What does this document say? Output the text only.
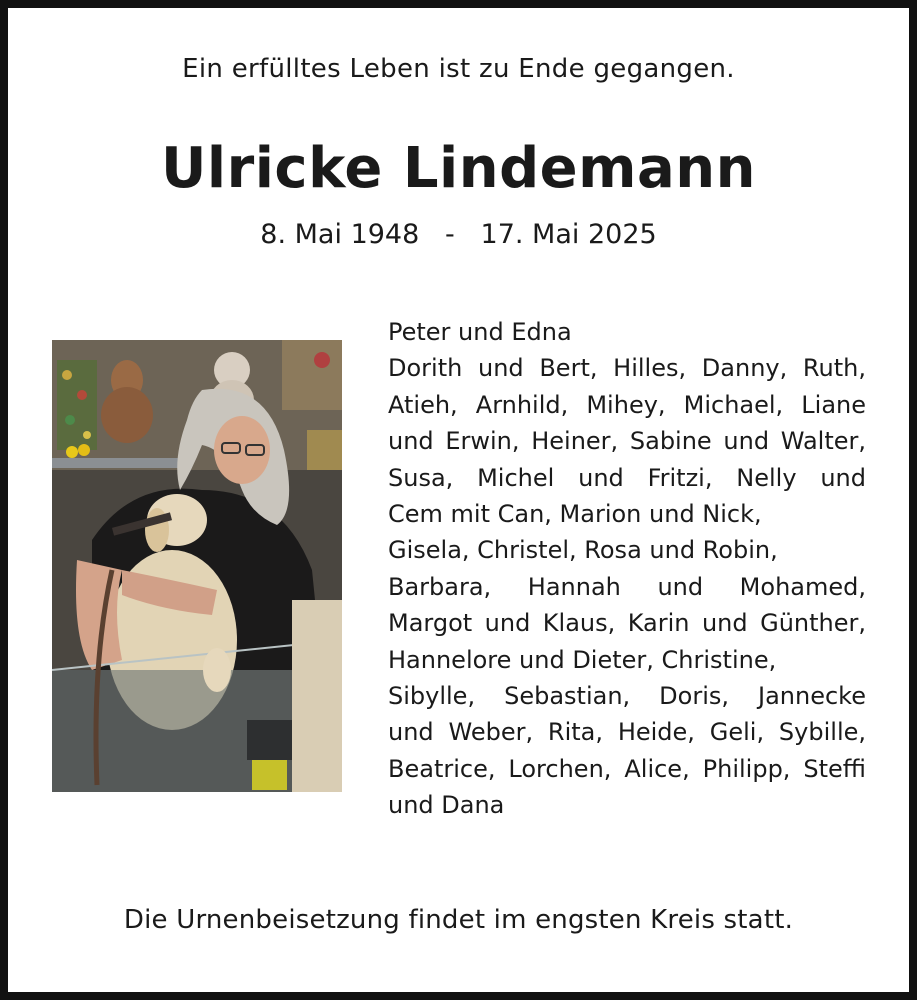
Ein erfülltes Leben ist zu Ende gegangen.
Ulricke Lindemann
8. Mai 1948 - 17. Mai 2025
Peter und Edna
Dorith und Bert, Hilles, Danny, Ruth,
Atieh, Arnhild, Mihey, Michael, Liane
und Erwin, Heiner, Sabine und Walter,
Susa, Michel und Fritzi, Nelly und
Cem mit Can, Marion und Nick,
Gisela, Christel, Rosa und Robin,
Barbara, Hannah und Mohamed,
Margot und Klaus, Karin und Günther,
Hannelore und Dieter, Christine,
Sibylle, Sebastian, Doris, Jannecke
und Weber, Rita, Heide, Geli, Sybille,
Beatrice, Lorchen, Alice, Philipp, Steffi
und Dana
Die Urnenbeisetzung findet im engsten Kreis statt.
